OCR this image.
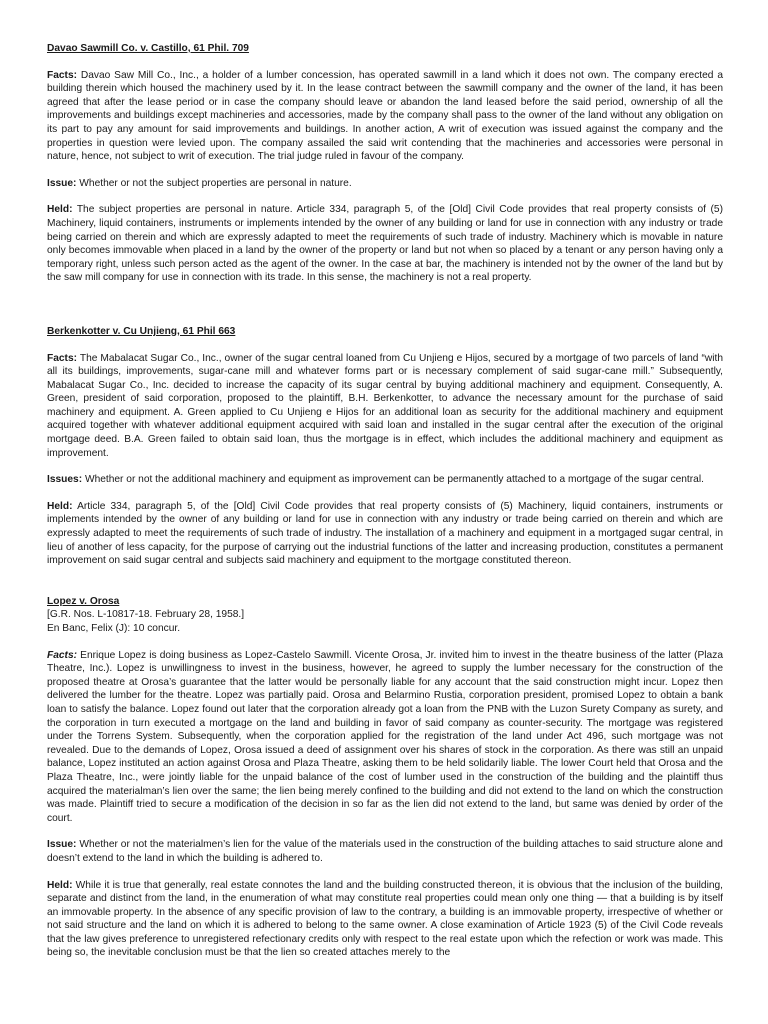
Davao Sawmill Co. v. Castillo, 61 Phil. 709

Facts: Davao Saw Mill Co., Inc., a holder of a lumber concession, has operated sawmill in a land which it does not own. The company erected a building therein which housed the machinery used by it. In the lease contract between the sawmill company and the owner of the land, it has been agreed that after the lease period or in case the company should leave or abandon the land leased before the said period, ownership of all the improvements and buildings except machineries and accessories, made by the company shall pass to the owner of the land without any obligation on its part to pay any amount for said improvements and buildings. In another action, A writ of execution was issued against the company and the properties in question were levied upon. The company assailed the said writ contending that the machineries and accessories were personal in nature, hence, not subject to writ of execution. The trial judge ruled in favour of the company.

Issue: Whether or not the subject properties are personal in nature.

Held: The subject properties are personal in nature. Article 334, paragraph 5, of the [Old] Civil Code provides that real property consists of (5) Machinery, liquid containers, instruments or implements intended by the owner of any building or land for use in connection with any industry or trade being carried on therein and which are expressly adapted to meet the requirements of such trade of industry. Machinery which is movable in nature only becomes immovable when placed in a land by the owner of the property or land but not when so placed by a tenant or any person having only a temporary right, unless such person acted as the agent of the owner. In the case at bar, the machinery is intended not by the owner of the land but by the saw mill company for use in connection with its trade. In this sense, the machinery is not a real property.

Berkenkotter v. Cu Unjieng, 61 Phil 663

Facts: The Mabalacat Sugar Co., Inc., owner of the sugar central loaned from Cu Unjieng e Hijos, secured by a mortgage of two parcels of land “with all its buildings, improvements, sugar-cane mill and whatever forms part or is necessary complement of said sugar-cane mill.” Subsequently, Mabalacat Sugar Co., Inc. decided to increase the capacity of its sugar central by buying additional machinery and equipment. Consequently, A. Green, president of said corporation, proposed to the plaintiff, B.H. Berkenkotter, to advance the necessary amount for the purchase of said machinery and equipment. A. Green applied to Cu Unjieng e Hijos for an additional loan as security for the additional machinery and equipment acquired together with whatever additional equipment acquired with said loan and installed in the sugar central after the execution of the original mortgage deed. B.A. Green failed to obtain said loan, thus the mortgage is in effect, which includes the additional machinery and equipment as improvement.

Issues: Whether or not the additional machinery and equipment as improvement can be permanently attached to a mortgage of the sugar central.

Held: Article 334, paragraph 5, of the [Old] Civil Code provides that real property consists of (5) Machinery, liquid containers, instruments or implements intended by the owner of any building or land for use in connection with any industry or trade being carried on therein and which are expressly adapted to meet the requirements of such trade of industry. The installation of a machinery and equipment in a mortgaged sugar central, in lieu of another of less capacity, for the purpose of carrying out the industrial functions of the latter and increasing production, constitutes a permanent improvement on said sugar central and subjects said machinery and equipment to the mortgage constituted thereon.

Lopez v. Orosa
[G.R. Nos. L-10817-18. February 28, 1958.]
En Banc, Felix (J): 10 concur.

Facts: Enrique Lopez is doing business as Lopez-Castelo Sawmill. Vicente Orosa, Jr. invited him to invest in the theatre business of the latter (Plaza Theatre, Inc.). Lopez is unwillingness to invest in the business, however, he agreed to supply the lumber necessary for the construction of the proposed theatre at Orosa’s guarantee that the latter would be personally liable for any account that the said construction might incur. Lopez then delivered the lumber for the theatre. Lopez was partially paid. Orosa and Belarmino Rustia, corporation president, promised Lopez to obtain a bank loan to satisfy the balance. Lopez found out later that the corporation already got a loan from the PNB with the Luzon Surety Company as surety, and the corporation in turn executed a mortgage on the land and building in favor of said company as counter-security. The mortgage was registered under the Torrens System. Subsequently, when the corporation applied for the registration of the land under Act 496, such mortgage was not revealed. Due to the demands of Lopez, Orosa issued a deed of assignment over his shares of stock in the corporation. As there was still an unpaid balance, Lopez instituted an action against Orosa and Plaza Theatre, asking them to be held solidarily liable. The lower Court held that Orosa and the Plaza Theatre, Inc., were jointly liable for the unpaid balance of the cost of lumber used in the construction of the building and the plaintiff thus acquired the materialman’s lien over the same; the lien being merely confined to the building and did not extend to the land on which the construction was made. Plaintiff tried to secure a modification of the decision in so far as the lien did not extend to the land, but same was denied by order of the court.

Issue: Whether or not the materialmen’s lien for the value of the materials used in the construction of the building attaches to said structure alone and doesn’t extend to the land in which the building is adhered to.

Held: While it is true that generally, real estate connotes the land and the building constructed thereon, it is obvious that the inclusion of the building, separate and distinct from the land, in the enumeration of what may constitute real properties could mean only one thing — that a building is by itself an immovable property. In the absence of any specific provision of law to the contrary, a building is an immovable property, irrespective of whether or not said structure and the land on which it is adhered to belong to the same owner. A close examination of Article 1923 (5) of the Civil Code reveals that the law gives preference to unregistered refectionary credits only with respect to the real estate upon which the refection or work was made. This being so, the inevitable conclusion must be that the lien so created attaches merely to the
